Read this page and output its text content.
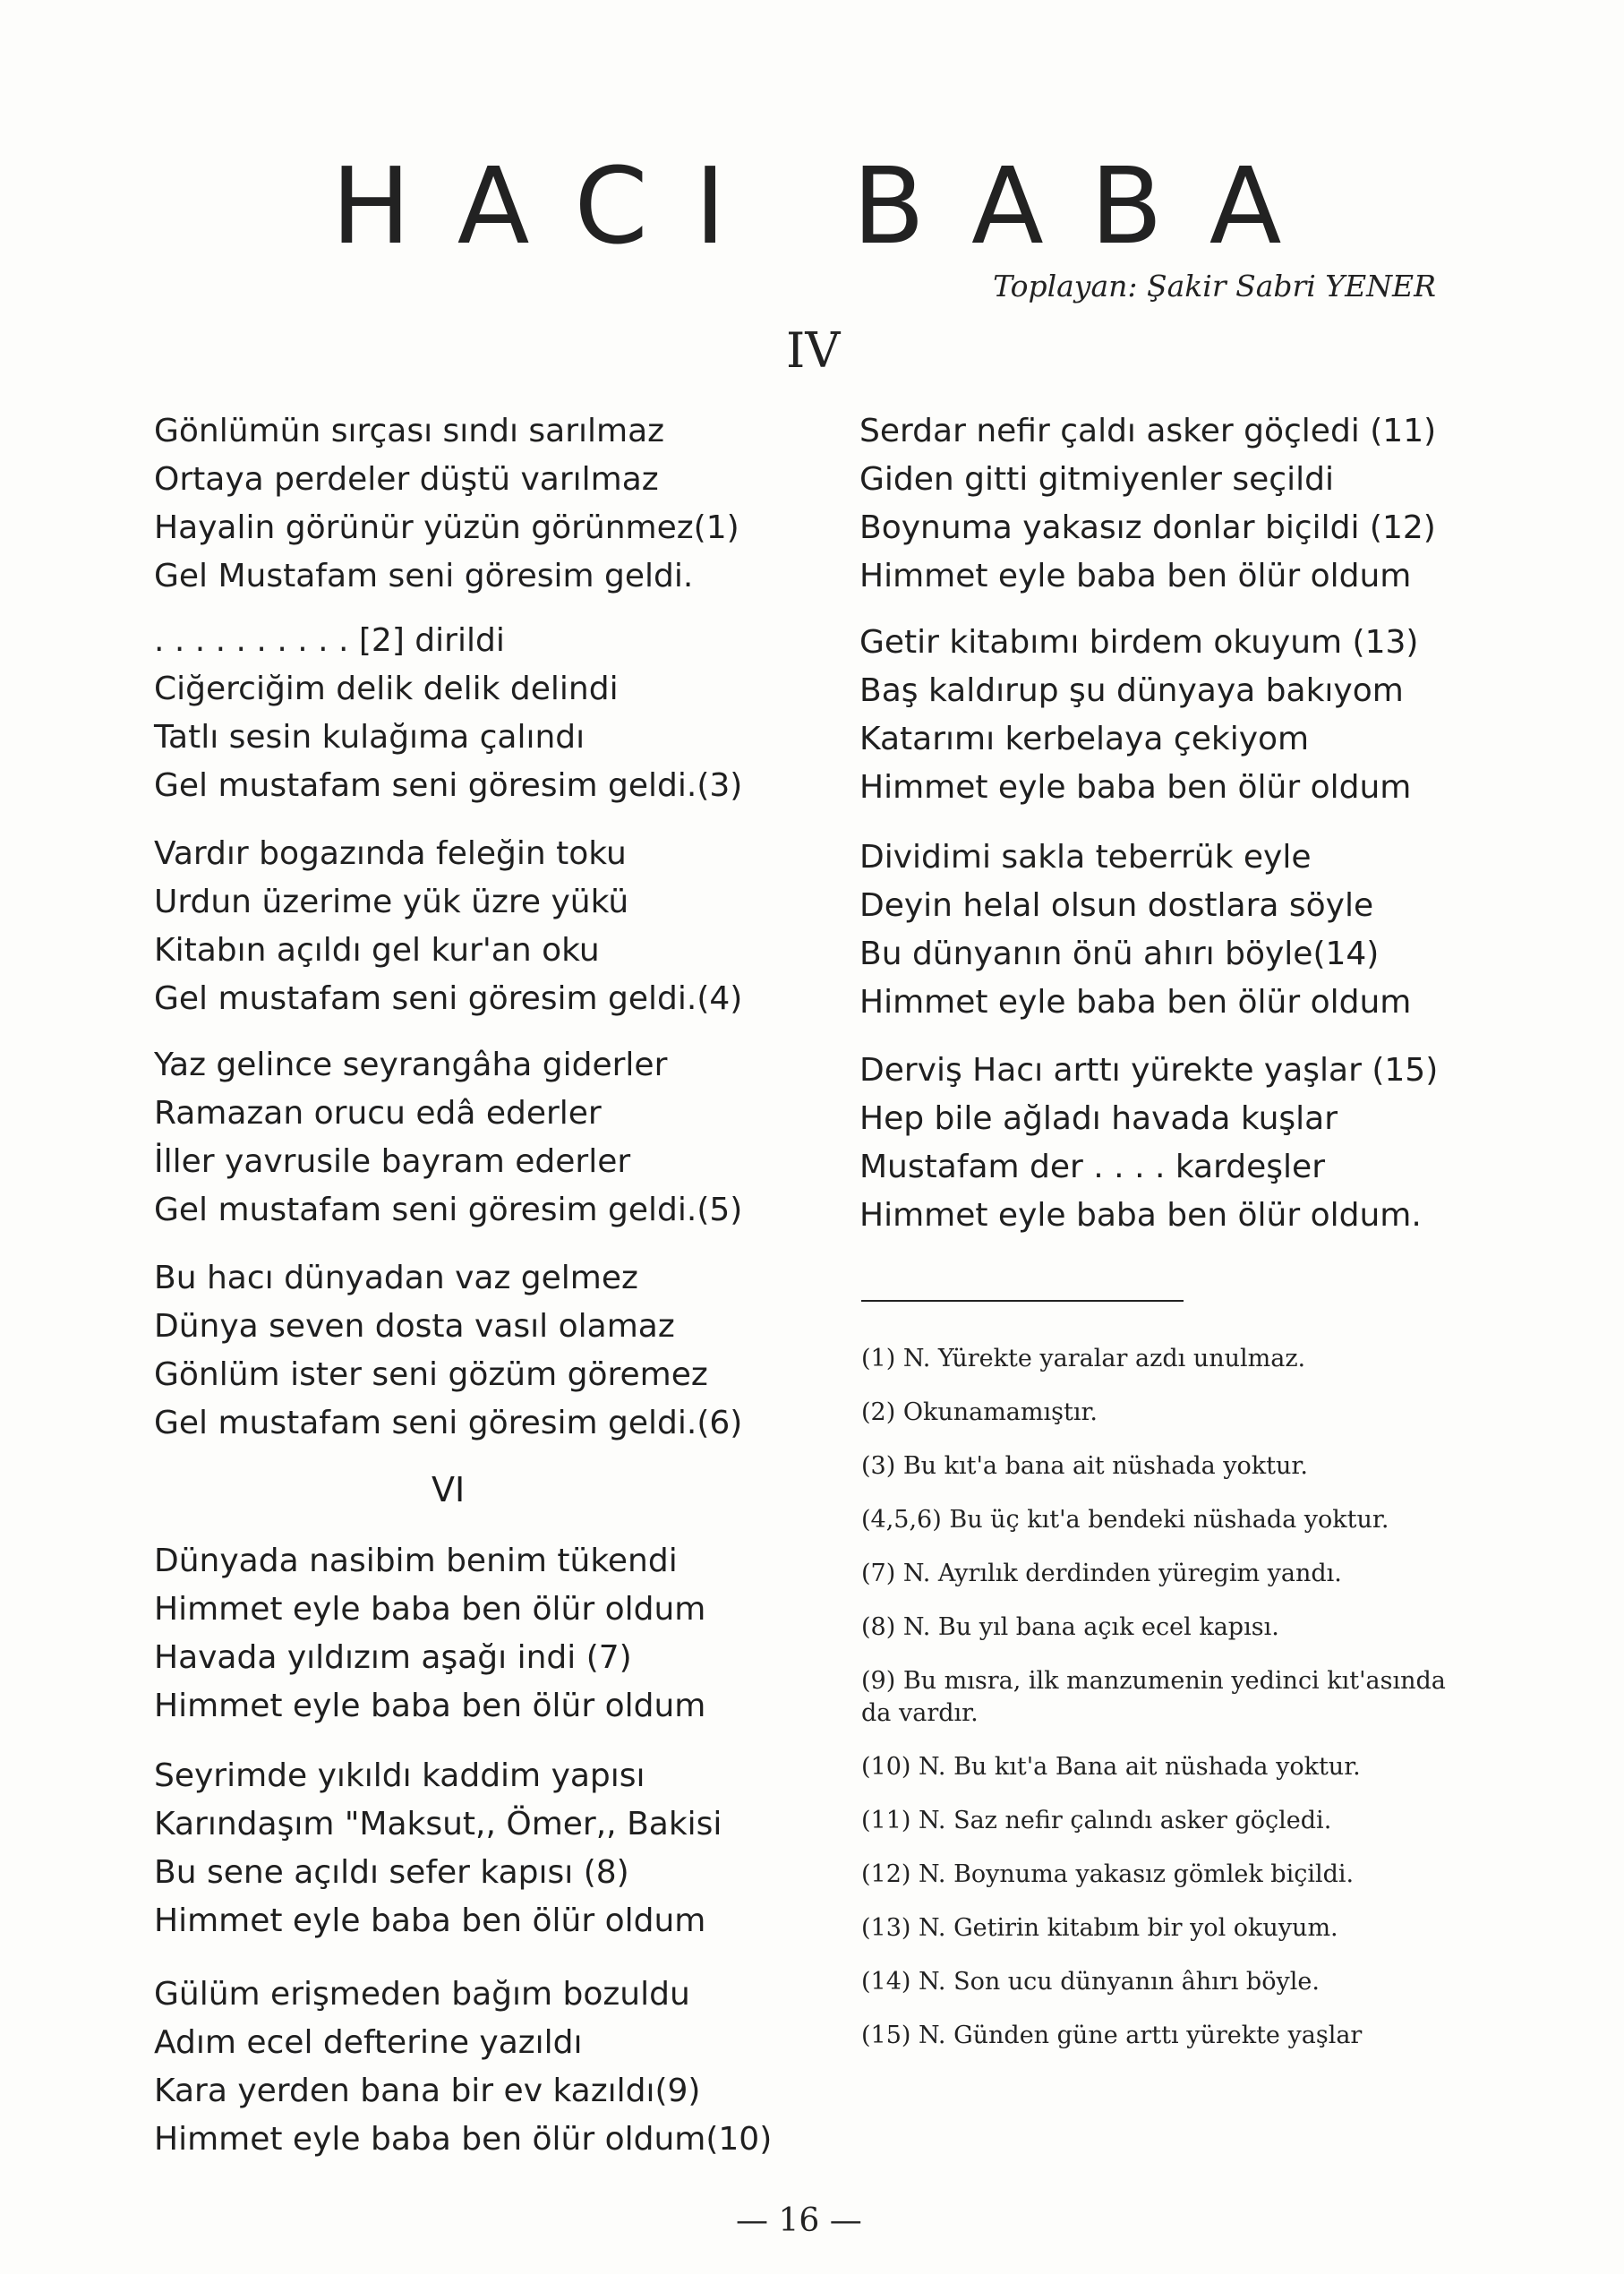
HACI BABA

Toplayan: Şakir Sabri YENER

IV

Gönlümün sırçası sındı sarılmaz
Ortaya perdeler düştü varılmaz
Hayalin görünür yüzün görünmez(1)
Gel Mustafam seni göresim geldi.
. . . . . . . . . . [2] dirildi
Ciğerciğim delik delik delindi
Tatlı sesin kulağıma çalındı
Gel mustafam seni göresim geldi.(3)
Vardır bogazında feleğin toku
Urdun üzerime yük üzre yükü
Kitabın açıldı gel kur'an oku
Gel mustafam seni göresim geldi.(4)
Yaz gelince seyrangâha giderler
Ramazan orucu edâ ederler
İller yavrusile bayram ederler
Gel mustafam seni göresim geldi.(5)
Bu hacı dünyadan vaz gelmez
Dünya seven dosta vasıl olamaz
Gönlüm ister seni gözüm göremez
Gel mustafam seni göresim geldi.(6)
VI
Dünyada nasibim benim tükendi
Himmet eyle baba ben ölür oldum
Havada yıldızım aşağı indi (7)
Himmet eyle baba ben ölür oldum
Seyrimde yıkıldı kaddim yapısı
Karındaşım "Maksut,, Ömer,, Bakisi
Bu sene açıldı sefer kapısı (8)
Himmet eyle baba ben ölür oldum
Gülüm erişmeden bağım bozuldu
Adım ecel defterine yazıldı
Kara yerden bana bir ev kazıldı(9)
Himmet eyle baba ben ölür oldum(10)
Serdar nefir çaldı asker göçledi (11)
Giden gitti gitmiyenler seçildi
Boynuma yakasız donlar biçildi (12)
Himmet eyle baba ben ölür oldum
Getir kitabımı birdem okuyum (13)
Baş kaldırup şu dünyaya bakıyom
Katarımı kerbelaya çekiyom
Himmet eyle baba ben ölür oldum
Dividimi sakla teberrük eyle
Deyin helal olsun dostlara söyle
Bu dünyanın önü ahırı böyle(14)
Himmet eyle baba ben ölür oldum
Derviş Hacı arttı yürekte yaşlar (15)
Hep bile ağladı havada kuşlar
Mustafam der . . . . kardeşler
Himmet eyle baba ben ölür oldum.
(1) N. Yürekte yaralar azdı unulmaz.
(2) Okunamamıştır.
(3) Bu kıt'a bana ait nüshada yoktur.
(4,5,6) Bu üç kıt'a bendeki nüshada yoktur.
(7) N. Ayrılık derdinden yüregim yandı.
(8) N. Bu yıl bana açık ecel kapısı.
(9) Bu mısra, ilk manzumenin yedinci kıt'asında da vardır.
(10) N. Bu kıt'a Bana ait nüshada yoktur.
(11) N. Saz nefir çalındı asker göçledi.
(12) N. Boynuma yakasız gömlek biçildi.
(13) N. Getirin kitabım bir yol okuyum.
(14) N. Son ucu dünyanın âhırı böyle.
(15) N. Günden güne arttı yürekte yaşlar

— 16 —
